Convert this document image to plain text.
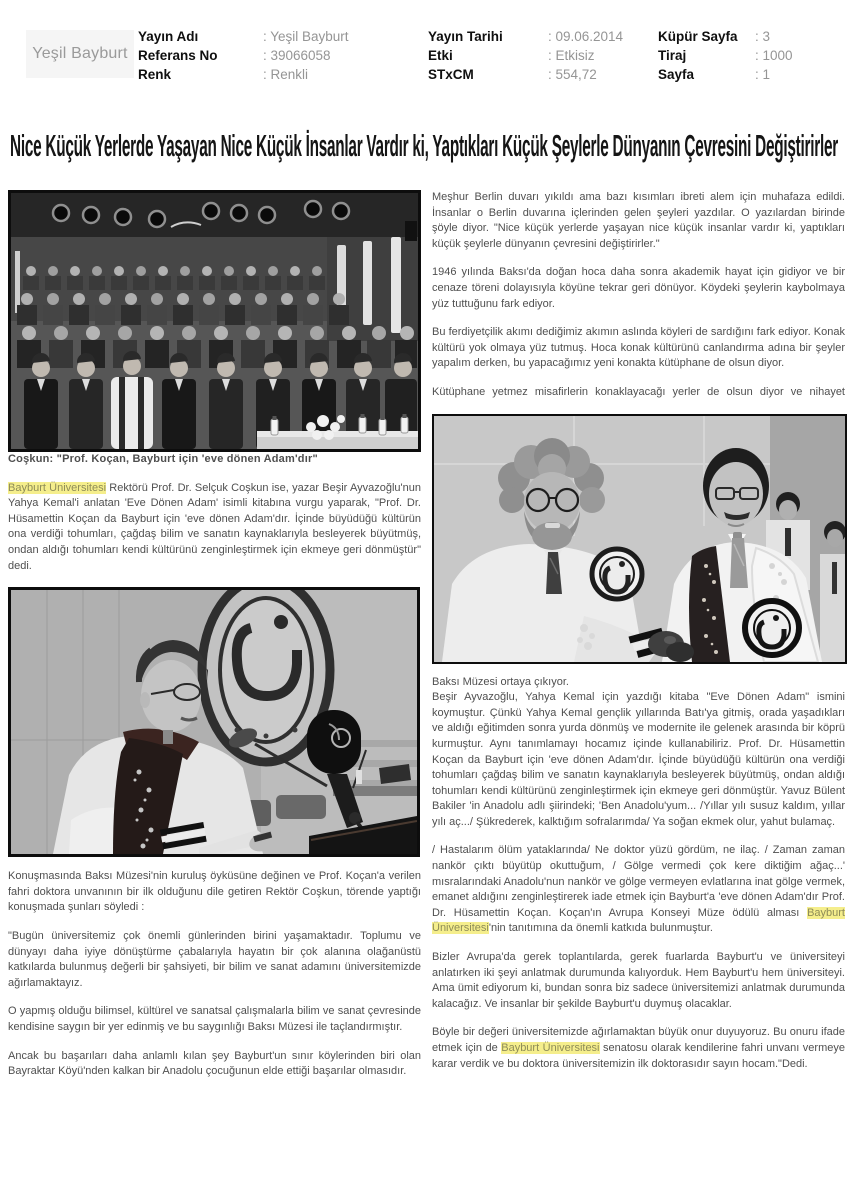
Yeşil Bayburt
Yayın Adı	: Yeşil Bayburt
Referans No	: 39066058
Renk	: Renkli
Yayın Tarihi	: 09.06.2014
Etki	: Etkisiz
STxCM	: 554,72
Küpür Sayfa	: 3
Tiraj	: 1000
Sayfa	: 1
Nice Küçük Yerlerde Yaşayan Nice Küçük İnsanlar Vardır ki, Yaptıkları Küçük Şeylerle Dünyanın Çevresini Değiştirirler

Coşkun: "Prof. Koçan, Bayburt için 'eve dönen Adam'dır"

Bayburt Üniversitesi Rektörü Prof. Dr. Selçuk Coşkun ise, yazar Beşir Ayvazoğlu'nun Yahya Kemal'i anlatan 'Eve Dönen Adam' isimli kitabına vurgu yaparak, "Prof. Dr. Hüsamettin Koçan da Bayburt için 'eve dönen Adam'dır. İçinde büyüdüğü kültürün ona verdiği tohumları, çağdaş bilim ve sanatın kaynaklarıyla besleyerek büyütmüş, ondan aldığı tohumları kendi kültürünü zenginleştirmek için ekmeye geri dönmüştür" dedi.

Konuşmasında Baksı Müzesi'nin kuruluş öyküsüne değinen ve Prof. Koçan'a verilen fahri doktora unvanının bir ilk olduğunu dile getiren Rektör Coşkun, törende yaptığı konuşmada şunları söyledi :

"Bugün üniversitemiz çok önemli günlerinden birini yaşamaktadır. Toplumu ve dünyayı daha iyiye dönüştürme çabalarıyla hayatın bir çok alanına olağanüstü katkılarda bulunmuş değerli bir şahsiyeti, bir bilim ve sanat adamını üniversitemizde ağırlamaktayız.

O yapmış olduğu bilimsel, kültürel ve sanatsal çalışmalarla bilim ve sanat çevresinde kendisine saygın bir yer edinmiş ve bu saygınlığı Baksı Müzesi ile taçlandırmıştır.

Ancak bu başarıları daha anlamlı kılan şey Bayburt'un sınır köylerinden biri olan Bayraktar Köyü'nden kalkan bir Anadolu çocuğunun elde ettiği başarılar olmasıdır.

Meşhur Berlin duvarı yıkıldı ama bazı kısımları ibreti alem için muhafaza edildi. İnsanlar o Berlin duvarına içlerinden gelen şeyleri yazdılar. O yazılardan birinde şöyle diyor. "Nice küçük yerlerde yaşayan nice küçük insanlar vardır ki, yaptıkları küçük şeylerle dünyanın çevresini değiştirirler."

1946 yılında Baksı'da doğan hoca daha sonra akademik hayat için gidiyor ve bir cenaze töreni dolayısıyla köyüne tekrar geri dönüyor. Köydeki şeylerin kaybolmaya yüz tuttuğunu fark ediyor.

Bu ferdiyetçilik akımı dediğimiz akımın aslında köyleri de sardığını fark ediyor. Konak kültürü yok olmaya yüz tutmuş. Hoca konak kültürünü canlandırma adına bir şeyler yapalım derken, bu yapacağımız yeni konakta kütüphane de olsun diyor.

Kütüphane yetmez misafirlerin konaklayacağı yerler de olsun diyor ve nihayet

Baksı Müzesi ortaya çıkıyor.

Beşir Ayvazoğlu, Yahya Kemal için yazdığı kitaba "Eve Dönen Adam" ismini koymuştur. Çünkü Yahya Kemal gençlik yıllarında Batı'ya gitmiş, orada yaşadıkları ve aldığı eğitimden sonra yurda dönmüş ve modernite ile gelenek arasında bir köprü kurmuştur. Aynı tanımlamayı hocamız içinde kullanabiliriz. Prof. Dr. Hüsamettin Koçan da Bayburt için 'eve dönen Adam'dır. İçinde büyüdüğü kültürün ona verdiği tohumları çağdaş bilim ve sanatın kaynaklarıyla besleyerek büyütmüş, ondan aldığı tohumları kendi kültürünü zenginleştirmek için ekmeye geri dönmüştür. Yavuz Bülent Bakiler 'in Anadolu adlı şiirindeki; 'Ben Anadolu'yum... /Yıllar yılı susuz kaldım, yıllar yılı aç.../ Şükrederek, kalktığım sofralarımda/ Ya soğan ekmek olur, yahut bulamaç.

/ Hastalarım ölüm yataklarında/ Ne doktor yüzü gördüm, ne ilaç. / Zaman zaman nankör çıktı büyütüp okuttuğum, / Gölge vermedi çok kere diktiğim ağaç...' mısralarındaki Anadolu'nun nankör ve gölge vermeyen evlatlarına inat gölge vermek, emanet aldığını zenginleştirerek iade etmek için Bayburt'a 'eve dönen Adam'dır Prof. Dr. Hüsamettin Koçan. Koçan'ın Avrupa Konseyi Müze ödülü alması Bayburt Üniversitesi'nin tanıtımına da önemli katkıda bulunmuştur.

Bizler Avrupa'da gerek toplantılarda, gerek fuarlarda Bayburt'u ve üniversiteyi anlatırken iki şeyi anlatmak durumunda kalıyorduk. Hem Bayburt'u hem üniversiteyi. Ama ümit ediyorum ki, bundan sonra biz sadece üniversitemizi anlatmak durumunda kalacağız. Ve insanlar bir şekilde Bayburt'u duymuş olacaklar.

Böyle bir değeri üniversitemizde ağırlamaktan büyük onur duyuyoruz. Bu onuru ifade etmek için de Bayburt Üniversitesi senatosu olarak kendilerine fahri unvanı vermeye karar verdik ve bu doktora üniversitemizin ilk doktorasıdır sayın hocam."Dedi.
